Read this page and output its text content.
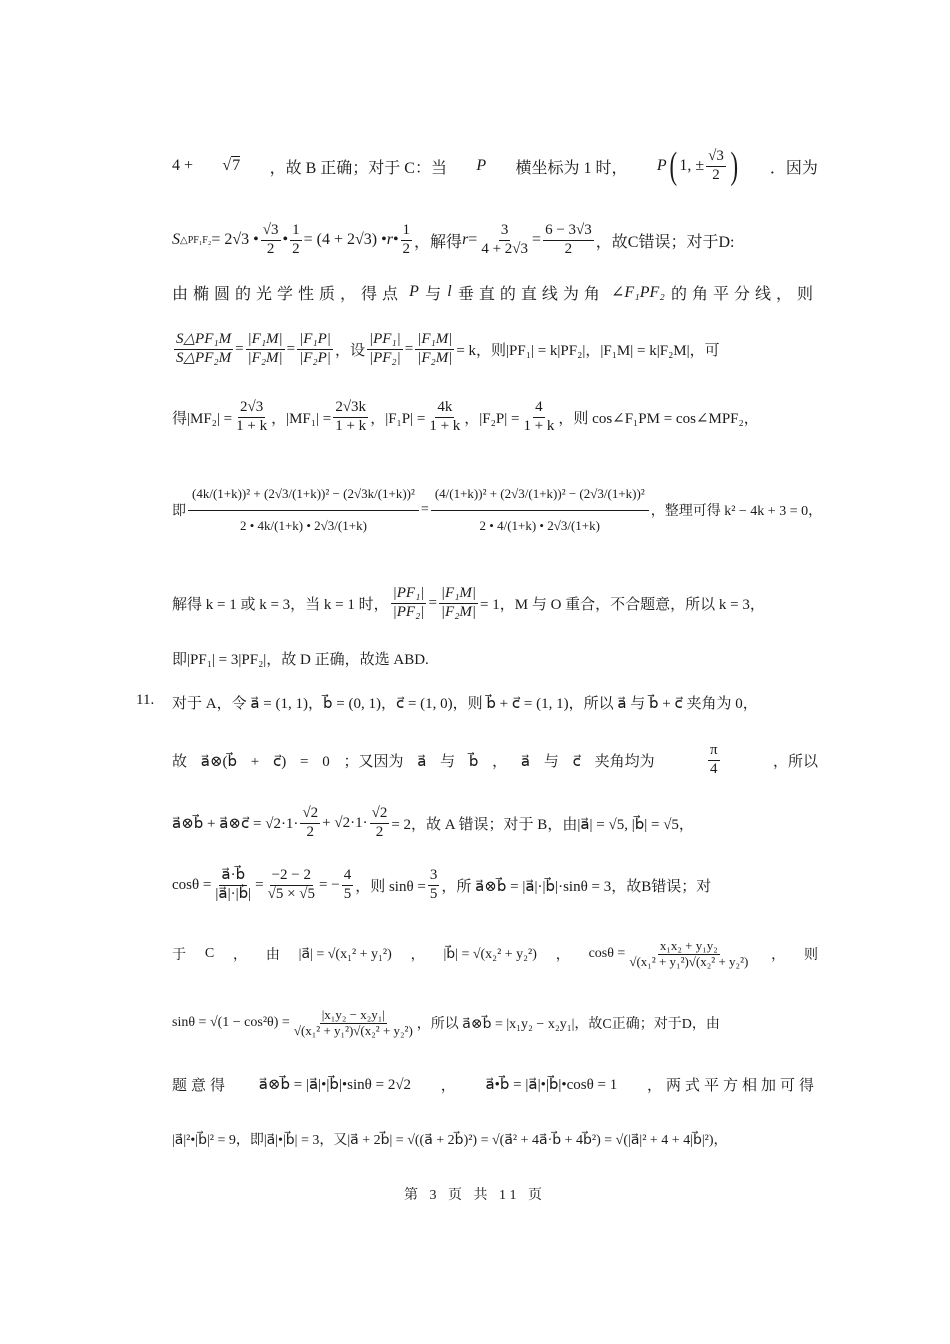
4 + √7 ，故 B 正确；对于 C：当 P 横坐标为 1 时， P ( 1, ± $\frac{√3}{2}$ ) ．因为
S △PF₁F₂ = 2√3 • $\frac{√3}{2}$ • $\frac{1}{2} = (4 + 2√3)$ • r • $\frac{1}{2}$ ，解得 $r = \frac{3}{4 + 2√3} = \frac{6 - 3√3}{2}$ ，故C错误；对于D:
由椭圆的光学性质，得点 P 与 l 垂直的直线为角 ∠F₁PF₂ 的角平分线，则
$\frac{\text{S△PF₁M}}{\text{S△PF₂M}} = \frac{\text{|F₁M|}}{\text{|F₂M|}} = \frac{\text{|F₁P|}}{\text{|F₂P|}}$ ，设 $\frac{\text{|PF₁|}}{\text{|PF₂|}} = \frac{\text{|F₁M|}}{\text{|F₂M|}} = k$，则|PF₁| = k|PF₂|，|F₁M| = k|F₂M|，可
得$|MF_2| = \frac{2√3}{1 + k}$ ，$|MF_1| = \frac{2√3k}{1 + k}$ ，$|F_1P| = \frac{4k}{1 + k}$ ，$|F_2P| = \frac{4}{1 + k}$ ，则 cos∠F₁PM = cos∠MPF₂，
即 $\frac{\text{(4k/(1+k))² + (2√3/(1+k))² − (2√3k/(1+k))²}}{2 • 4k/(1+k) • 2√3/(1+k)} = \frac{\text{(4/(1+k))² + (2√3/(1+k))² − (2√3/(1+k))²}}{2 • 4/(1+k) • 2√3/(1+k)}$ ，整理可得 k² − 4k + 3 = 0，
解得 k = 1 或 k = 3，当 k = 1 时， $\frac{\text{|PF₁|}}{\text{|PF₂|}} = \frac{\text{|F₁M|}}{\text{|F₂M|}} = 1$，M 与 O 重合，不合题意，所以 k = 3，
即|PF₁| = 3|PF₂|，故 D 正确，故选 ABD.
11. 对于 A，令 a⃗ = (1, 1)，b⃗ = (0, 1)，c⃗ = (1, 0)，则 b⃗ + c⃗ = (1, 1)，所以 a⃗ 与 b⃗ + c⃗ 夹角为 0，
故 a⃗⊗(b⃗ + c⃗) = 0 ；又因为 a⃗ 与 b⃗ ， a⃗ 与 c⃗ 夹角均为	$\frac{\pi}{4}$	，所以
a⃗⊗b⃗ + a⃗⊗c⃗ = $√2\cdot 1\cdot \frac{√2}{2} + √2\cdot 1\cdot \frac{√2}{2} = 2$，故 A 错误；对于 B，由|a⃗| = √5, |b⃗| = √5，
$\cos\theta = \frac{a⃗\cdot b⃗}{|a⃗|\cdot|b⃗|} = \frac{-2 - 2}{√5 \times √5}$ = − $\frac{4}{5}$ ，则 $\sin\theta = \frac{3}{5}$ ，所 a⃗⊗b⃗ = |a⃗|·|b⃗|·sinθ = 3，故B错误；对
于 C ， 由 |a⃗| = √(x₁² + y₁²) ， |b⃗| = √(x₂² + y₂²) ， $\cos\theta = \frac{\text{x₁x₂ + y₁y₂}}{\text{√(x₁² + y₁²)√(x₂² + y₂²)}}$ ， 则
$\sin\theta = √(1 - \cos^2\theta) = \frac{\text{|x₁y₂ − x₂y₁|}}{\text{√(x₁² + y₁²)√(x₂² + y₂²)}}$ ，所以 a⃗⊗b⃗ = |x₁y₂ − x₂y₁|，故C正确；对于D，由
题意得 a⃗⊗b⃗ = |a⃗|•|b⃗|•sinθ = 2√2 ， a⃗•b⃗ = |a⃗|•|b⃗|•cosθ = 1 ，两式平方相加可得
|a⃗|²•|b⃗|² = 9，即|a⃗|•|b⃗| = 3，又|a⃗ + 2b⃗| = √((a⃗ + 2b⃗)²) = √(a⃗² + 4a⃗·b⃗ + 4b⃗²) = √(|a⃗|² + 4 + 4|b⃗|²)，
第 3 页 共 11 页
